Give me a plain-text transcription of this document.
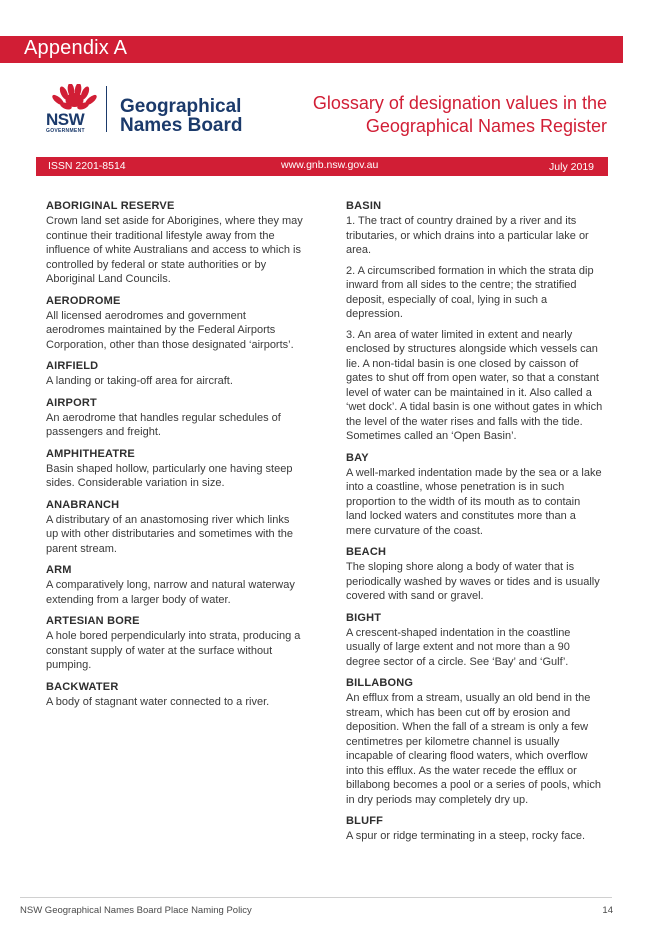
Appendix A
NSW
GOVERNMENT
Geographical
Names Board
Glossary of designation values in the
Geographical Names Register
ISSN 2201-8514	www.gnb.nsw.gov.au	July 2019
ABORIGINAL RESERVE
Crown land set aside for Aborigines, where they may continue their traditional lifestyle away from the influence of white Australians and access to which is controlled by federal or state authorities or by Aboriginal Land Councils.
AERODROME
All licensed aerodromes and government aerodromes maintained by the Federal Airports Corporation, other than those designated ‘airports’.
AIRFIELD
A landing or taking-off area for aircraft.
AIRPORT
An aerodrome that handles regular schedules of passengers and freight.
AMPHITHEATRE
Basin shaped hollow, particularly one having steep sides. Considerable variation in size.
ANABRANCH
A distributary of an anastomosing river which links up with other distributaries and sometimes with the parent stream.
ARM
A comparatively long, narrow and natural waterway extending from a larger body of water.
ARTESIAN BORE
A hole bored perpendicularly into strata, producing a constant supply of water at the surface without pumping.
BACKWATER
A body of stagnant water connected to a river.
BASIN
1. The tract of country drained by a river and its tributaries, or which drains into a particular lake or area.
2. A circumscribed formation in which the strata dip inward from all sides to the centre; the stratified deposit, especially of coal, lying in such a depression.
3. An area of water limited in extent and nearly enclosed by structures alongside which vessels can lie. A non-tidal basin is one closed by caisson of gates to shut off from open water, so that a constant level of water can be maintained in it. Also called a ‘wet dock’. A tidal basin is one without gates in which the level of the water rises and falls with the tide. Sometimes called an ‘Open Basin’.
BAY
A well-marked indentation made by the sea or a lake into a coastline, whose penetration is in such proportion to the width of its mouth as to contain land locked waters and constitutes more than a mere curvature of the coast.
BEACH
The sloping shore along a body of water that is periodically washed by waves or tides and is usually covered with sand or gravel.
BIGHT
A crescent-shaped indentation in the coastline usually of large extent and not more than a 90 degree sector of a circle. See ‘Bay’ and ‘Gulf’.
BILLABONG
An efflux from a stream, usually an old bend in the stream, which has been cut off by erosion and deposition. When the fall of a stream is only a few centimetres per kilometre channel is usually incapable of clearing flood waters, which overflow into this efflux. As the water recede the efflux or billabong becomes a pool or a series of pools, which in dry periods may completely dry up.
BLUFF
A spur or ridge terminating in a steep, rocky face.
NSW Geographical Names Board Place Naming Policy	14
